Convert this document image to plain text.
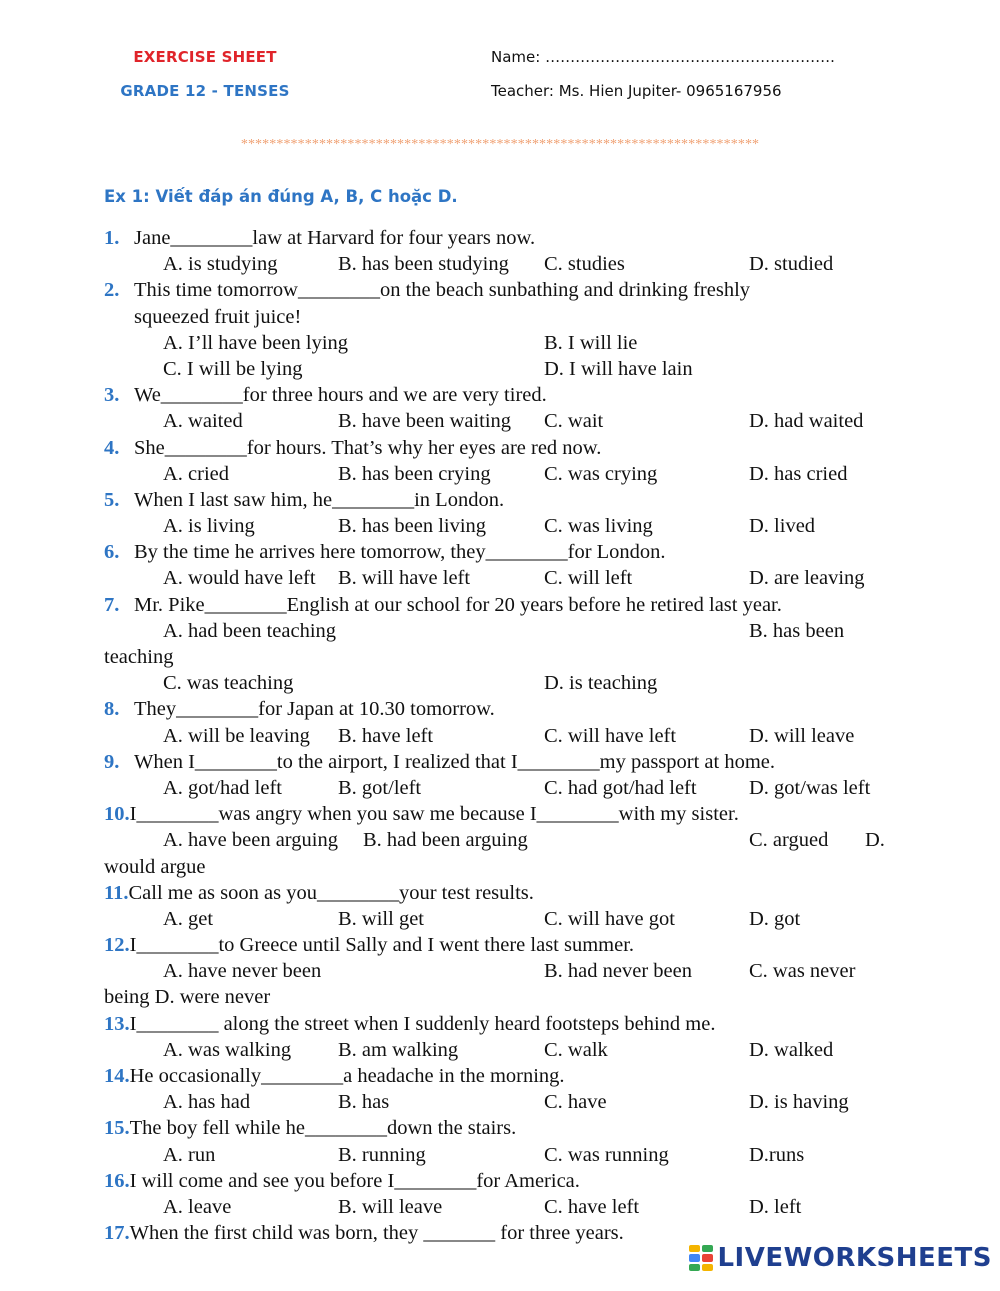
EXERCISE SHEET
GRADE 12 - TENSES
Name: ………………………………………………….
Teacher: Ms. Hien Jupiter- 0965167956
*************************************************************************
Ex 1: Viết đáp án đúng A, B, C hoặc D.
1. Jane________law at Harvard for four years now.
A. is studying	B. has been studying C. studies	D. studied
2. This time tomorrow________on the beach sunbathing and drinking freshly
squeezed fruit juice!
A. I’ll have been lying	B. I will lie
C. I will be lying	D. I will have lain
3. We________for three hours and we are very tired.
A. waited	B. have been waiting C. wait	D. had waited
4. She________for hours. That’s why her eyes are red now.
A. cried	B. has been crying	C. was crying	D. has cried
5. When I last saw him, he________in London.
A. is living	B. has been living	C. was living	D. lived
6. By the time he arrives here tomorrow, they________for London.
A. would have left B. will have left	C. will left	D. are leaving
7. Mr. Pike________English at our school for 20 years before he retired last year.
A. had been teaching	B. has been
teaching
C. was teaching	D. is teaching
8. They________for Japan at 10.30 tomorrow.
A. will be leaving B. have left	C. will have left	D. will leave
9. When I________to the airport, I realized that I________my passport at home.
A. got/had left	B. got/left	C. had got/had left	D. got/was left
10.I________was angry when you saw me because I________with my sister.
A. have been arguing B. had been arguing	C. argued D.
would argue
11.Call me as soon as you________your test results.
A. get	B. will get	C. will have got	D. got
12.I________to Greece until Sally and I went there last summer.
A. have never been	B. had never been	C. was never
being D. were never
13.I________ along the street when I suddenly heard footsteps behind me.
A. was walking B. am walking	C. walk	D. walked
14.He occasionally________a headache in the morning.
A. has had	B. has	C. have	D. is having
15.The boy fell while he________down the stairs.
A. run	B. running	C. was running	D.runs
16.I will come and see you before I________for America.
A. leave	B. will leave	C. have left	D. left
17.When the first child was born, they _______ for three years.
LIVEWORKSHEETS
